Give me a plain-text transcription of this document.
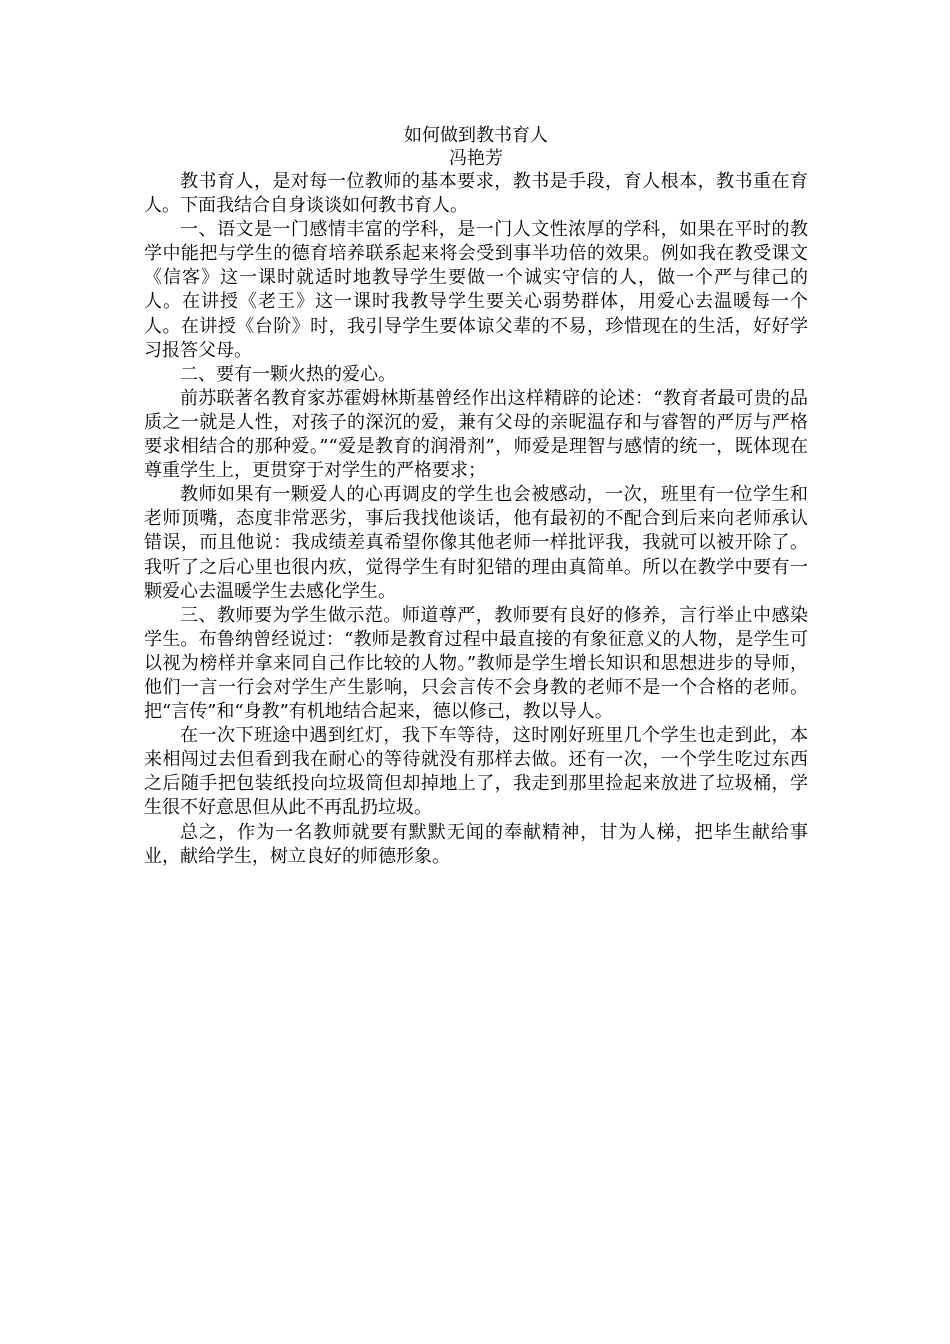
如何做到教书育人
冯艳芳

教书育人，是对每一位教师的基本要求，教书是手段，育人根本，教书重在育人。下面我结合自身谈谈如何教书育人。

一、语文是一门感情丰富的学科，是一门人文性浓厚的学科，如果在平时的教学中能把与学生的德育培养联系起来将会受到事半功倍的效果。例如我在教受课文《信客》这一课时就适时地教导学生要做一个诚实守信的人，做一个严与律己的人。在讲授《老王》这一课时我教导学生要关心弱势群体，用爱心去温暖每一个人。在讲授《台阶》时，我引导学生要体谅父辈的不易，珍惜现在的生活，好好学习报答父母。

二、要有一颗火热的爱心。

前苏联著名教育家苏霍姆林斯基曾经作出这样精辟的论述：“教育者最可贵的品质之一就是人性，对孩子的深沉的爱，兼有父母的亲昵温存和与睿智的严厉与严格要求相结合的那种爱。”“爱是教育的润滑剂”，师爱是理智与感情的统一，既体现在尊重学生上，更贯穿于对学生的严格要求；

教师如果有一颗爱人的心再调皮的学生也会被感动，一次，班里有一位学生和老师顶嘴，态度非常恶劣，事后我找他谈话，他有最初的不配合到后来向老师承认错误，而且他说：我成绩差真希望你像其他老师一样批评我，我就可以被开除了。我听了之后心里也很内疚，觉得学生有时犯错的理由真简单。所以在教学中要有一颗爱心去温暖学生去感化学生。

三、教师要为学生做示范。师道尊严，教师要有良好的修养，言行举止中感染学生。布鲁纳曾经说过：“教师是教育过程中最直接的有象征意义的人物，是学生可以视为榜样并拿来同自己作比较的人物。”教师是学生增长知识和思想进步的导师，他们一言一行会对学生产生影响，只会言传不会身教的老师不是一个合格的老师。把“言传”和“身教”有机地结合起来，德以修己，教以导人。

在一次下班途中遇到红灯，我下车等待，这时刚好班里几个学生也走到此，本来相闯过去但看到我在耐心的等待就没有那样去做。还有一次，一个学生吃过东西之后随手把包装纸投向垃圾筒但却掉地上了，我走到那里捡起来放进了垃圾桶，学生很不好意思但从此不再乱扔垃圾。

总之，作为一名教师就要有默默无闻的奉献精神，甘为人梯，把毕生献给事业，献给学生，树立良好的师德形象。
